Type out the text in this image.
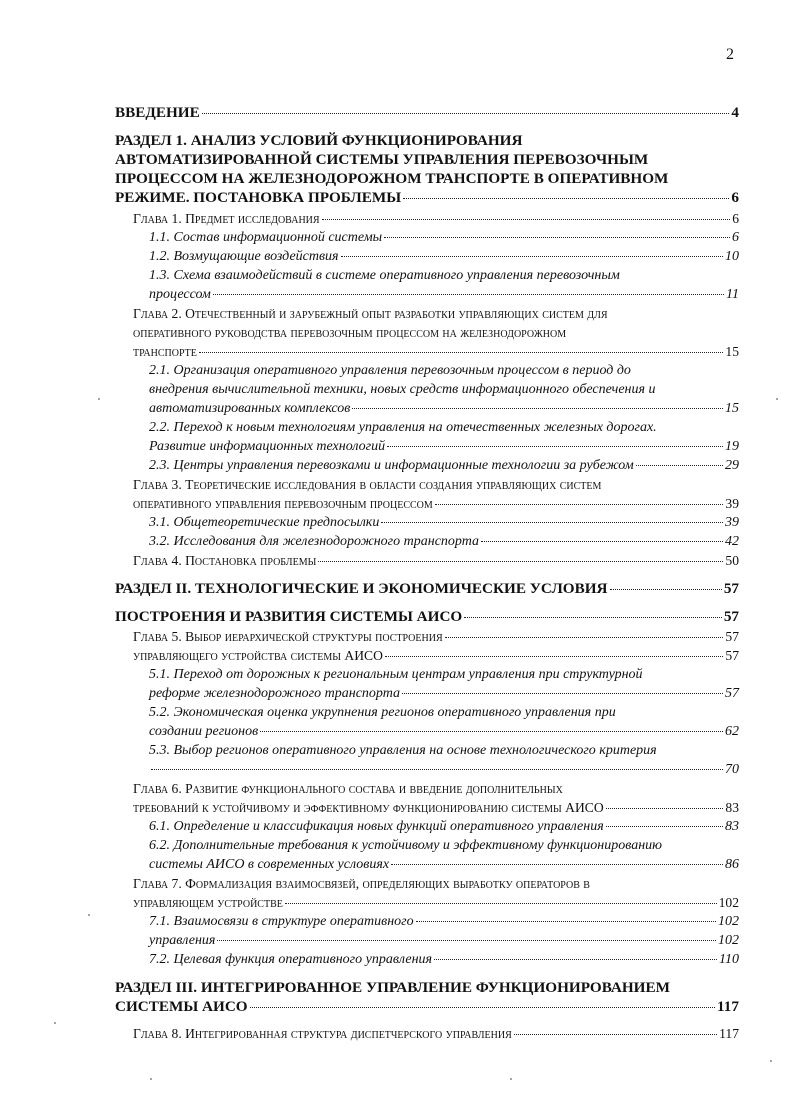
2
ВВЕДЕНИЕ	4
РАЗДЕЛ 1. АНАЛИЗ УСЛОВИЙ ФУНКЦИОНИРОВАНИЯ
АВТОМАТИЗИРОВАННОЙ СИСТЕМЫ УПРАВЛЕНИЯ ПЕРЕВОЗОЧНЫМ
ПРОЦЕССОМ НА ЖЕЛЕЗНОДОРОЖНОМ ТРАНСПОРТЕ В ОПЕРАТИВНОМ
РЕЖИМЕ. ПОСТАНОВКА ПРОБЛЕМЫ	6
Глава 1. Предмет исследования	6
1.1. Состав информационной системы	6
1.2. Возмущающие воздействия	10
1.3. Схема взаимодействий в системе оперативного управления перевозочным
процессом	11
Глава 2. Отечественный и зарубежный опыт разработки управляющих систем для
оперативного руководства перевозочным процессом на железнодорожном
транспорте	15
2.1. Организация оперативного управления перевозочным процессом в период до
внедрения вычислительной техники, новых средств информационного обеспечения и
автоматизированных комплексов	15
2.2. Переход к новым технологиям управления на отечественных железных дорогах.
Развитие информационных технологий	19
2.3. Центры управления перевозками и информационные технологии за рубежом	29
Глава 3. Теоретические исследования в области создания управляющих систем
оперативного управления перевозочным процессом	39
3.1. Общетеоретические предпосылки	39
3.2. Исследования для железнодорожного транспорта	42
Глава 4. Постановка проблемы	50
РАЗДЕЛ II. ТЕХНОЛОГИЧЕСКИЕ И ЭКОНОМИЧЕСКИЕ УСЛОВИЯ	57
ПОСТРОЕНИЯ И РАЗВИТИЯ СИСТЕМЫ АИСО	57
Глава 5. Выбор иерархической структуры построения	57
управляющего устройства системы АИСО	57
5.1. Переход от дорожных к региональным центрам управления при структурной
реформе железнодорожного транспорта	57
5.2. Экономическая оценка укрупнения регионов оперативного управления при
создании регионов	62
5.3. Выбор регионов оперативного управления на основе технологического критерия
70
Глава 6. Развитие функционального состава и введение дополнительных
требований к устойчивому и эффективному функционированию системы АИСО	83
6.1. Определение и классификация новых функций оперативного управления	83
6.2. Дополнительные требования к устойчивому и эффективному функционированию
системы АИСО в современных условиях	86
Глава 7. Формализация взаимосвязей, определяющих выработку операторов в
управляющем устройстве	102
7.1. Взаимосвязи в структуре оперативного	102
управления	102
7.2. Целевая функция оперативного управления	110
РАЗДЕЛ III. ИНТЕГРИРОВАННОЕ УПРАВЛЕНИЕ ФУНКЦИОНИРОВАНИЕМ
СИСТЕМЫ АИСО	117
Глава 8. Интегрированная структура диспетчерского управления	117
